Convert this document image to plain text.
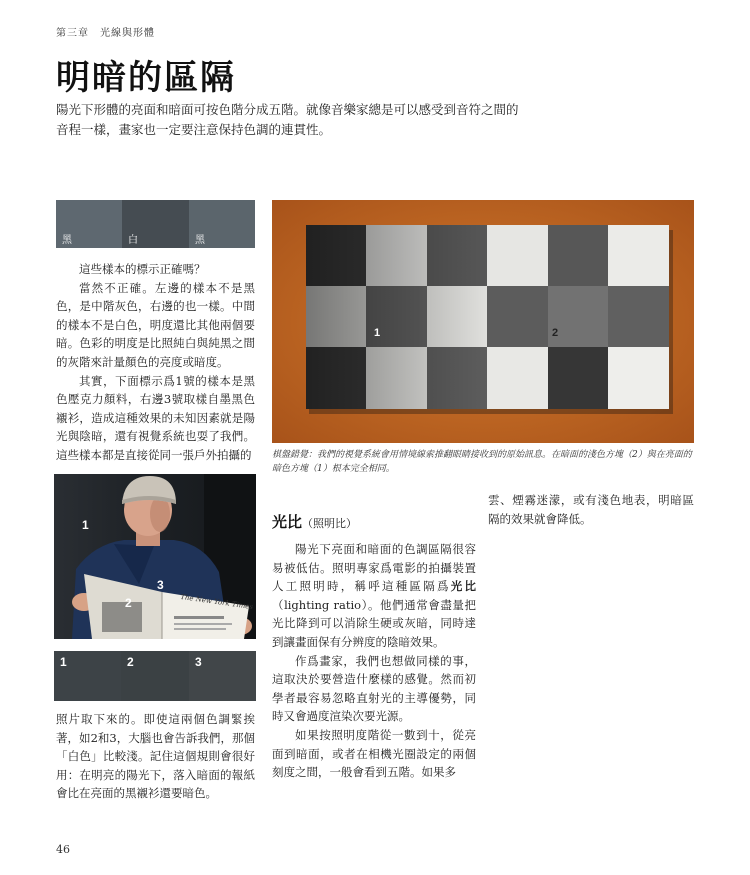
第三章　光線與形體
明暗的區隔
陽光下形體的亮面和暗面可按色階分成五階。就像音樂家總是可以感受到音符之間的音程一樣，畫家也一定要注意保持色調的連貫性。
黑	白	黑

這些樣本的標示正確嗎？

當然不正確。左邊的樣本不是黑色，是中階灰色，右邊的也一樣。中間的樣本不是白色，明度還比其他兩個要暗。色彩的明度是比照純白與純黑之間的灰階來計量顏色的亮度或暗度。

其實，下面標示爲1號的樣本是黑色壓克力顏料，右邊3號取樣自墨黑色襯衫，造成這種效果的未知因素就是陽光與陰暗，還有視覺系統也耍了我們。這些樣本都是直接從同一張戶外拍攝的

The New York Times
1
2
3
1	2	3

照片取下來的。即使這兩個色調緊挨著，如2和3，大腦也會告訴我們，那個「白色」比較淺。記住這個規則會很好用：在明亮的陽光下，落入暗面的報紙會比在亮面的黑襯衫還要暗色。

1	2
棋盤錯覺：我們的視覺系統會用情境線索推翻眼睛接收到的原始訊息。在暗面的淺色方塊（2）與在亮面的暗色方塊（1）根本完全相同。
光比（照明比）

陽光下亮面和暗面的色調區隔很容易被低估。照明專家爲電影的拍攝裝置人工照明時，稱呼這種區隔爲光比（lighting ratio）。他們通常會盡量把光比降到可以消除生硬或灰暗，同時達到讓畫面保有分辨度的陰暗效果。

作爲畫家，我們也想做同樣的事，這取決於要營造什麼樣的感覺。然而初學者最容易忽略直射光的主導優勢，同時又會過度渲染次要光源。

如果按照明度階從一數到十，從亮面到暗面，或者在相機光圈設定的兩個刻度之間，一般會看到五階。如果多

雲、煙霧迷濛，或有淺色地表，明暗區隔的效果就會降低。

46
